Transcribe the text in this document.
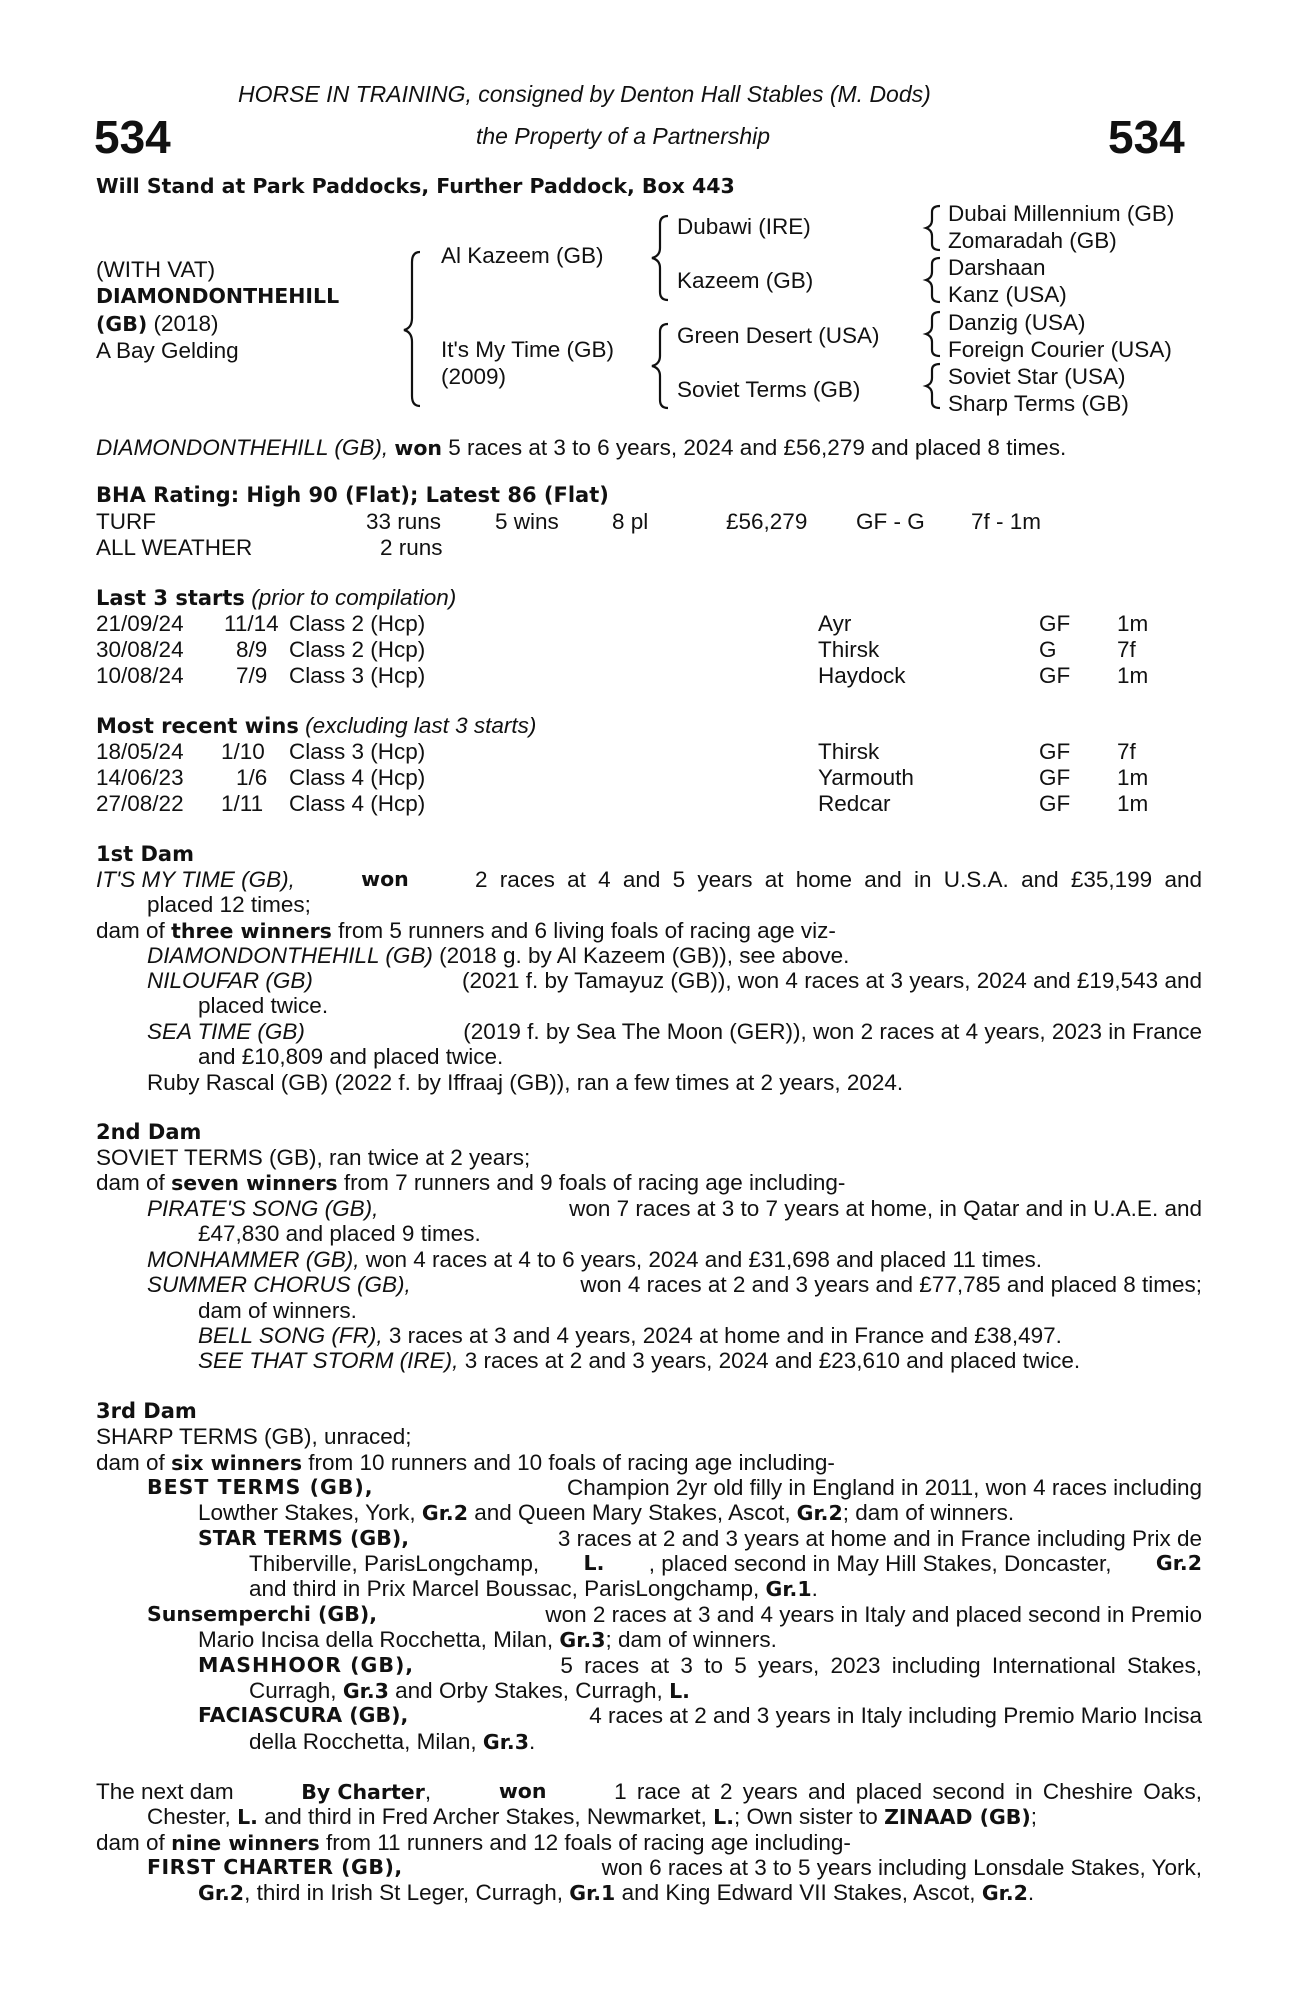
534	534
HORSE IN TRAINING, consigned by Denton Hall Stables (M. Dods)
the Property of a Partnership
Will Stand at Park Paddocks, Further Paddock, Box 443
(WITH VAT)
DIAMONDONTHEHILL
(GB) (2018)
A Bay Gelding
Al Kazeem (GB)
It's My Time (GB)
(2009)
Dubawi (IRE)
Kazeem (GB)
Green Desert (USA)
Soviet Terms (GB)
Dubai Millennium (GB)
Zomaradah (GB)
Darshaan
Kanz (USA)
Danzig (USA)
Foreign Courier (USA)
Soviet Star (USA)
Sharp Terms (GB)
DIAMONDONTHEHILL (GB), won 5 races at 3 to 6 years, 2024 and £56,279 and placed 8 times.
BHA Rating: High 90 (Flat); Latest 86 (Flat)
TURF	33 runs 5 wins 8 pl	£56,279 GF - G 7f - 1m
ALL WEATHER	2 runs
Last 3 starts (prior to compilation)
21/09/24 11/14 Class 2 (Hcp)	Ayr	GF 1m
30/08/24 8/9 Class 2 (Hcp)	Thirsk	G	7f
10/08/24 7/9 Class 3 (Hcp)	Haydock	GF 1m
Most recent wins (excluding last 3 starts)
18/05/24 1/10 Class 3 (Hcp)	Thirsk	GF 7f
14/06/23 1/6 Class 4 (Hcp)	Yarmouth	GF 1m
27/08/22 1/11 Class 4 (Hcp)	Redcar	GF 1m
1st Dam
IT'S MY TIME (GB),	won	2 races at 4 and 5 years at home and in U.S.A. and £35,199 and
placed 12 times;
dam of three winners from 5 runners and 6 living foals of racing age viz-
DIAMONDONTHEHILL (GB) (2018 g. by Al Kazeem (GB)), see above.
NILOUFAR (GB)	(2021 f. by Tamayuz (GB)), won 4 races at 3 years, 2024 and £19,543 and
placed twice.
SEA TIME (GB)	(2019 f. by Sea The Moon (GER)), won 2 races at 4 years, 2023 in France
and £10,809 and placed twice.
Ruby Rascal (GB) (2022 f. by Iffraaj (GB)), ran a few times at 2 years, 2024.
2nd Dam
SOVIET TERMS (GB), ran twice at 2 years;
dam of seven winners from 7 runners and 9 foals of racing age including-
PIRATE'S SONG (GB),	won 7 races at 3 to 7 years at home, in Qatar and in U.A.E. and
£47,830 and placed 9 times.
MONHAMMER (GB), won 4 races at 4 to 6 years, 2024 and £31,698 and placed 11 times.
SUMMER CHORUS (GB),	won 4 races at 2 and 3 years and £77,785 and placed 8 times;
dam of winners.
BELL SONG (FR), 3 races at 3 and 4 years, 2024 at home and in France and £38,497.
SEE THAT STORM (IRE), 3 races at 2 and 3 years, 2024 and £23,610 and placed twice.
3rd Dam
SHARP TERMS (GB), unraced;
dam of six winners from 10 runners and 10 foals of racing age including-
BEST TERMS (GB),	Champion 2yr old filly in England in 2011, won 4 races including
Lowther Stakes, York, Gr.2 and Queen Mary Stakes, Ascot, Gr.2; dam of winners.
STAR TERMS (GB),	3 races at 2 and 3 years at home and in France including Prix de
Thiberville, ParisLongchamp, L. , placed second in May Hill Stakes, Doncaster, Gr.2
and third in Prix Marcel Boussac, ParisLongchamp, Gr.1.
Sunsemperchi (GB),	won 2 races at 3 and 4 years in Italy and placed second in Premio
Mario Incisa della Rocchetta, Milan, Gr.3; dam of winners.
MASHHOOR (GB),	5 races at 3 to 5 years, 2023 including International Stakes,
Curragh, Gr.3 and Orby Stakes, Curragh, L.
FACIASCURA (GB),	4 races at 2 and 3 years in Italy including Premio Mario Incisa
della Rocchetta, Milan, Gr.3.
The next dam	By Charter,	won	1 race at 2 years and placed second in Cheshire Oaks,
Chester, L. and third in Fred Archer Stakes, Newmarket, L.; Own sister to ZINAAD (GB);
dam of nine winners from 11 runners and 12 foals of racing age including-
FIRST CHARTER (GB),	won 6 races at 3 to 5 years including Lonsdale Stakes, York,
Gr.2, third in Irish St Leger, Curragh, Gr.1 and King Edward VII Stakes, Ascot, Gr.2.
